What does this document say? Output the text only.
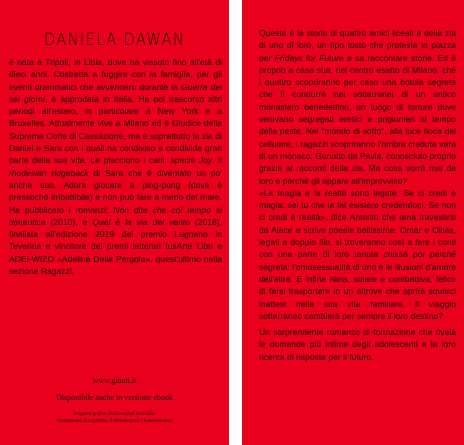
DANIELA DAWAN

è nata a Tripoli, in Libia, dove ha vissuto fino all'età di dieci anni. Costretta a fuggire con la famiglia, per gli eventi drammatici che avvennero durante la Guerra dei sei giorni, è approdata in Italia. Ha poi trascorso altri periodi all'estero, in particolare a New York e a Bruxelles. Attualmente vive a Milano ed è Giudice della Suprema Corte di Cassazione, ma è soprattutto la zia di Daniel e Sara con i quali ha condiviso e condivide gran parte della sua vita. Le piacciono i cani, specie Joy, il rhodesian ridgeback di Sara che è diventato un po' anche suo. Adora giocare a ping-pong (dove è pressoché imbattibile) e non può fare a meno del mare. Ha pubblicato i romanzi: Non dite che col tempo si dimentica (2010), e Qual è la via del vento (2018), finalista all'edizione 2019 del premio Lugnano in Teverina e vincitore dei premi letterari IusArte Libri e ADEI-WIZO «Adelina Della Pergola», quest'ultimo nella sezione Ragazzi.

www.giunti.it
Disponibile anche in versione ebook
Progetto grafico: Rocío Isabel González
Illustrazione di copertina: © Shutterstock / Evannovostro

Questa è la storia di quattro amici liceali e della zia di uno di loro, un tipo tosto che protesta in piazza per Fridays for Future e sa raccontare storie. Ed è proprio a casa sua, nel centro esatto di Milano, che i quattro scopriranno per caso una botola segreta che li condurrà nei sotterranei di un antico monastero benedettino, un luogo di torture dove venivano segregati eretici e prigionieri al tempo della peste. Nel "mondo di sotto", alla luce fioca del cellulare, i ragazzi scopriranno l'ombra creduta vera di un monaco: Gunotto da Pavia, conosciuto proprio grazie ai racconti della zia. Ma cosa vorrà mai da loro e perché gli appare all'improvviso?
«La magia e la realtà sono legate. Se ci credi è magia: sei tu che la fai esistere credendoci. Se non ci credi è realtà», dice Antonio che ama travestirsi da Aiace e scrive poesie bellissime. Omar e Olivia, legati a doppio filo, si troveranno così a fare i conti con una parte di loro tenuta chissà poi perché segreta: l'omosessualità di uno e le illusioni d'amore dell'altra. E infine Nina, solare e combattiva, felice di farsi trasportare in un altrove che aprirà squarci inattesi nella sua vita familiare. Il viaggio sotterraneo cambierà per sempre il loro destino?

Un sorprendente romanzo di formazione che rivela le domande più intime degli adolescenti e la loro ricerca di risposte per il futuro.
